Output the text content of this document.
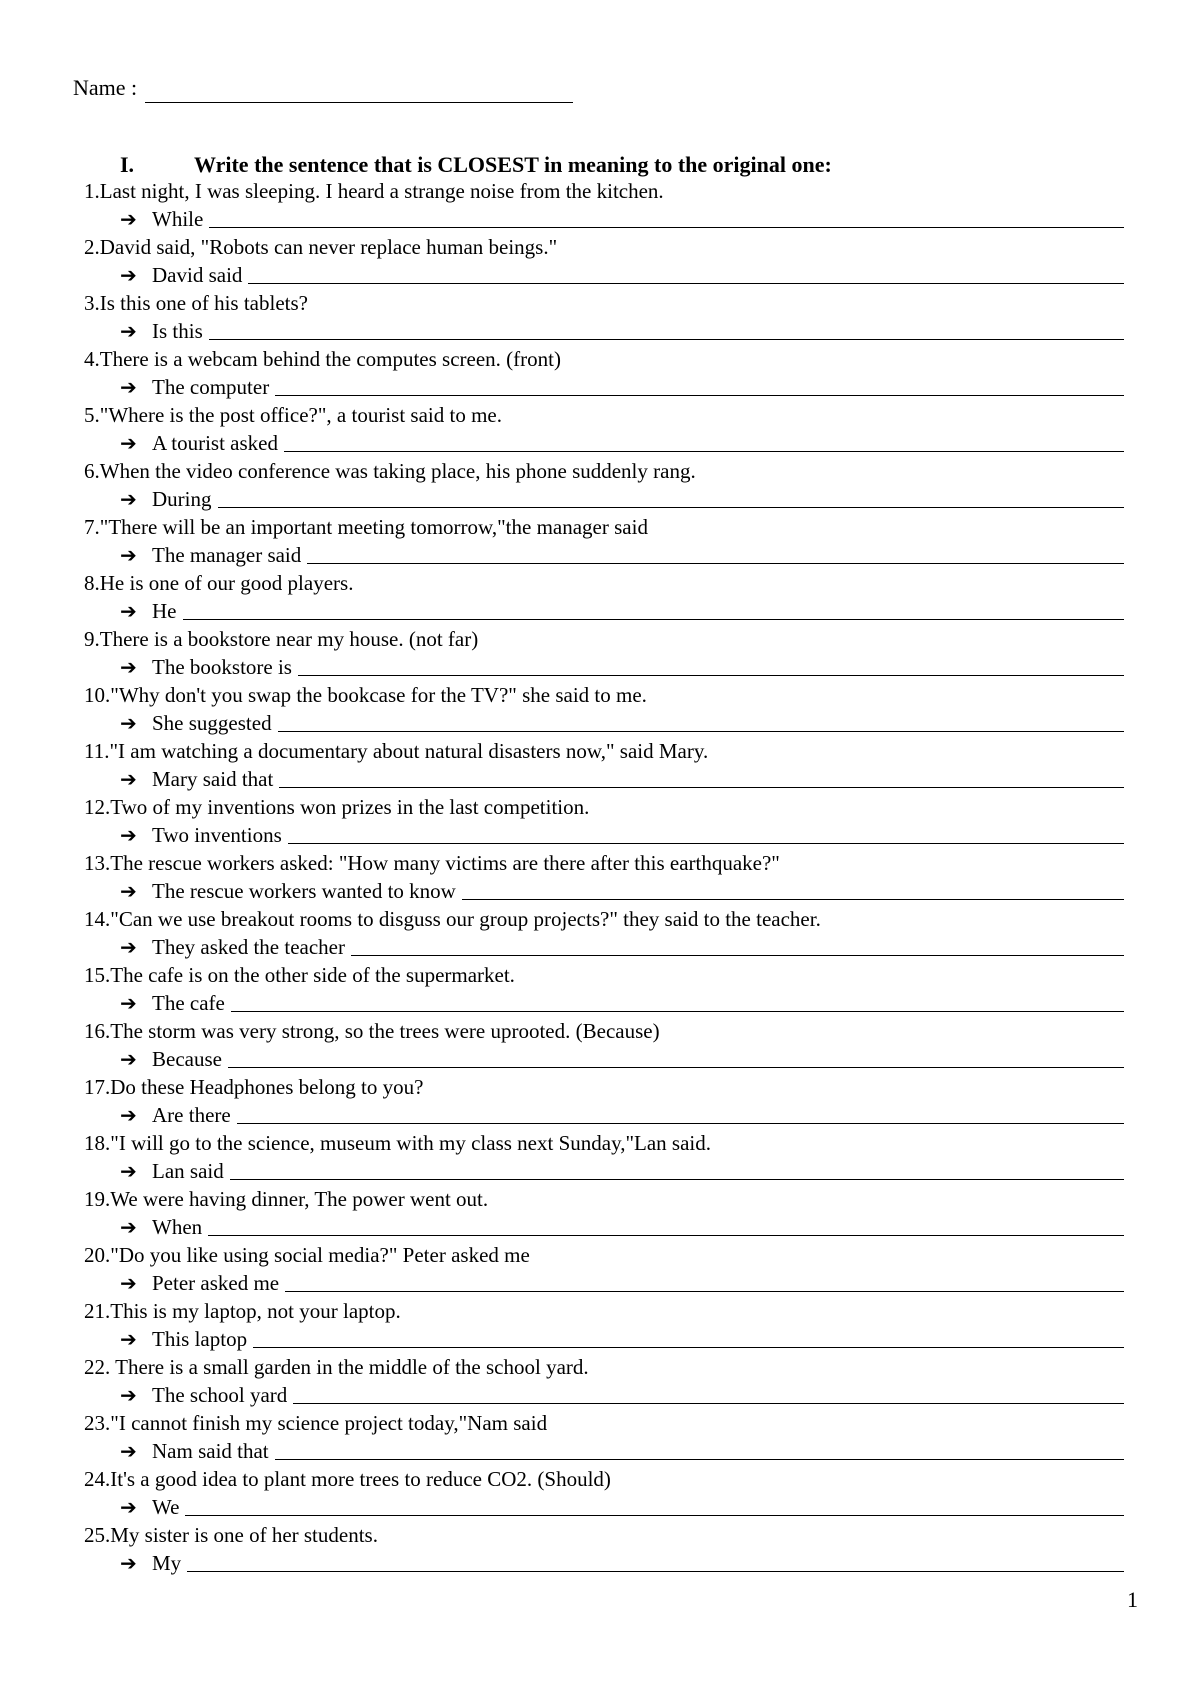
Name :
I.	Write the sentence that is CLOSEST in meaning to the original one:
1.Last night, I was sleeping. I heard a strange noise from the kitchen.
➔ While
2.David said, "Robots can never replace human beings."
➔ David said
3.Is this one of his tablets?
➔ Is this
4.There is a webcam behind the computes screen. (front)
➔ The computer
5."Where is the post office?", a tourist said to me.
➔ A tourist asked
6.When the video conference was taking place, his phone suddenly rang.
➔ During
7."There will be an important meeting tomorrow,"the manager said
➔ The manager said
8.He is one of our good players.
➔ He
9.There is a bookstore near my house. (not far)
➔ The bookstore is
10."Why don't you swap the bookcase for the TV?" she said to me.
➔ She suggested
11."I am watching a documentary about natural disasters now," said Mary.
➔ Mary said that
12.Two of my inventions won prizes in the last competition.
➔ Two inventions
13.The rescue workers asked: "How many victims are there after this earthquake?"
➔ The rescue workers wanted to know
14."Can we use breakout rooms to disguss our group projects?" they said to the teacher.
➔ They asked the teacher
15.The cafe is on the other side of the supermarket.
➔ The cafe
16.The storm was very strong, so the trees were uprooted. (Because)
➔ Because
17.Do these Headphones belong to you?
➔ Are there
18."I will go to the science, museum with my class next Sunday,"Lan said.
➔ Lan said
19.We were having dinner, The power went out.
➔ When
20."Do you like using social media?" Peter asked me
➔ Peter asked me
21.This is my laptop, not your laptop.
➔ This laptop
22. There is a small garden in the middle of the school yard.
➔ The school yard
23."I cannot finish my science project today,"Nam said
➔ Nam said that
24.It's a good idea to plant more trees to reduce CO2. (Should)
➔ We
25.My sister is one of her students.
➔ My
1
